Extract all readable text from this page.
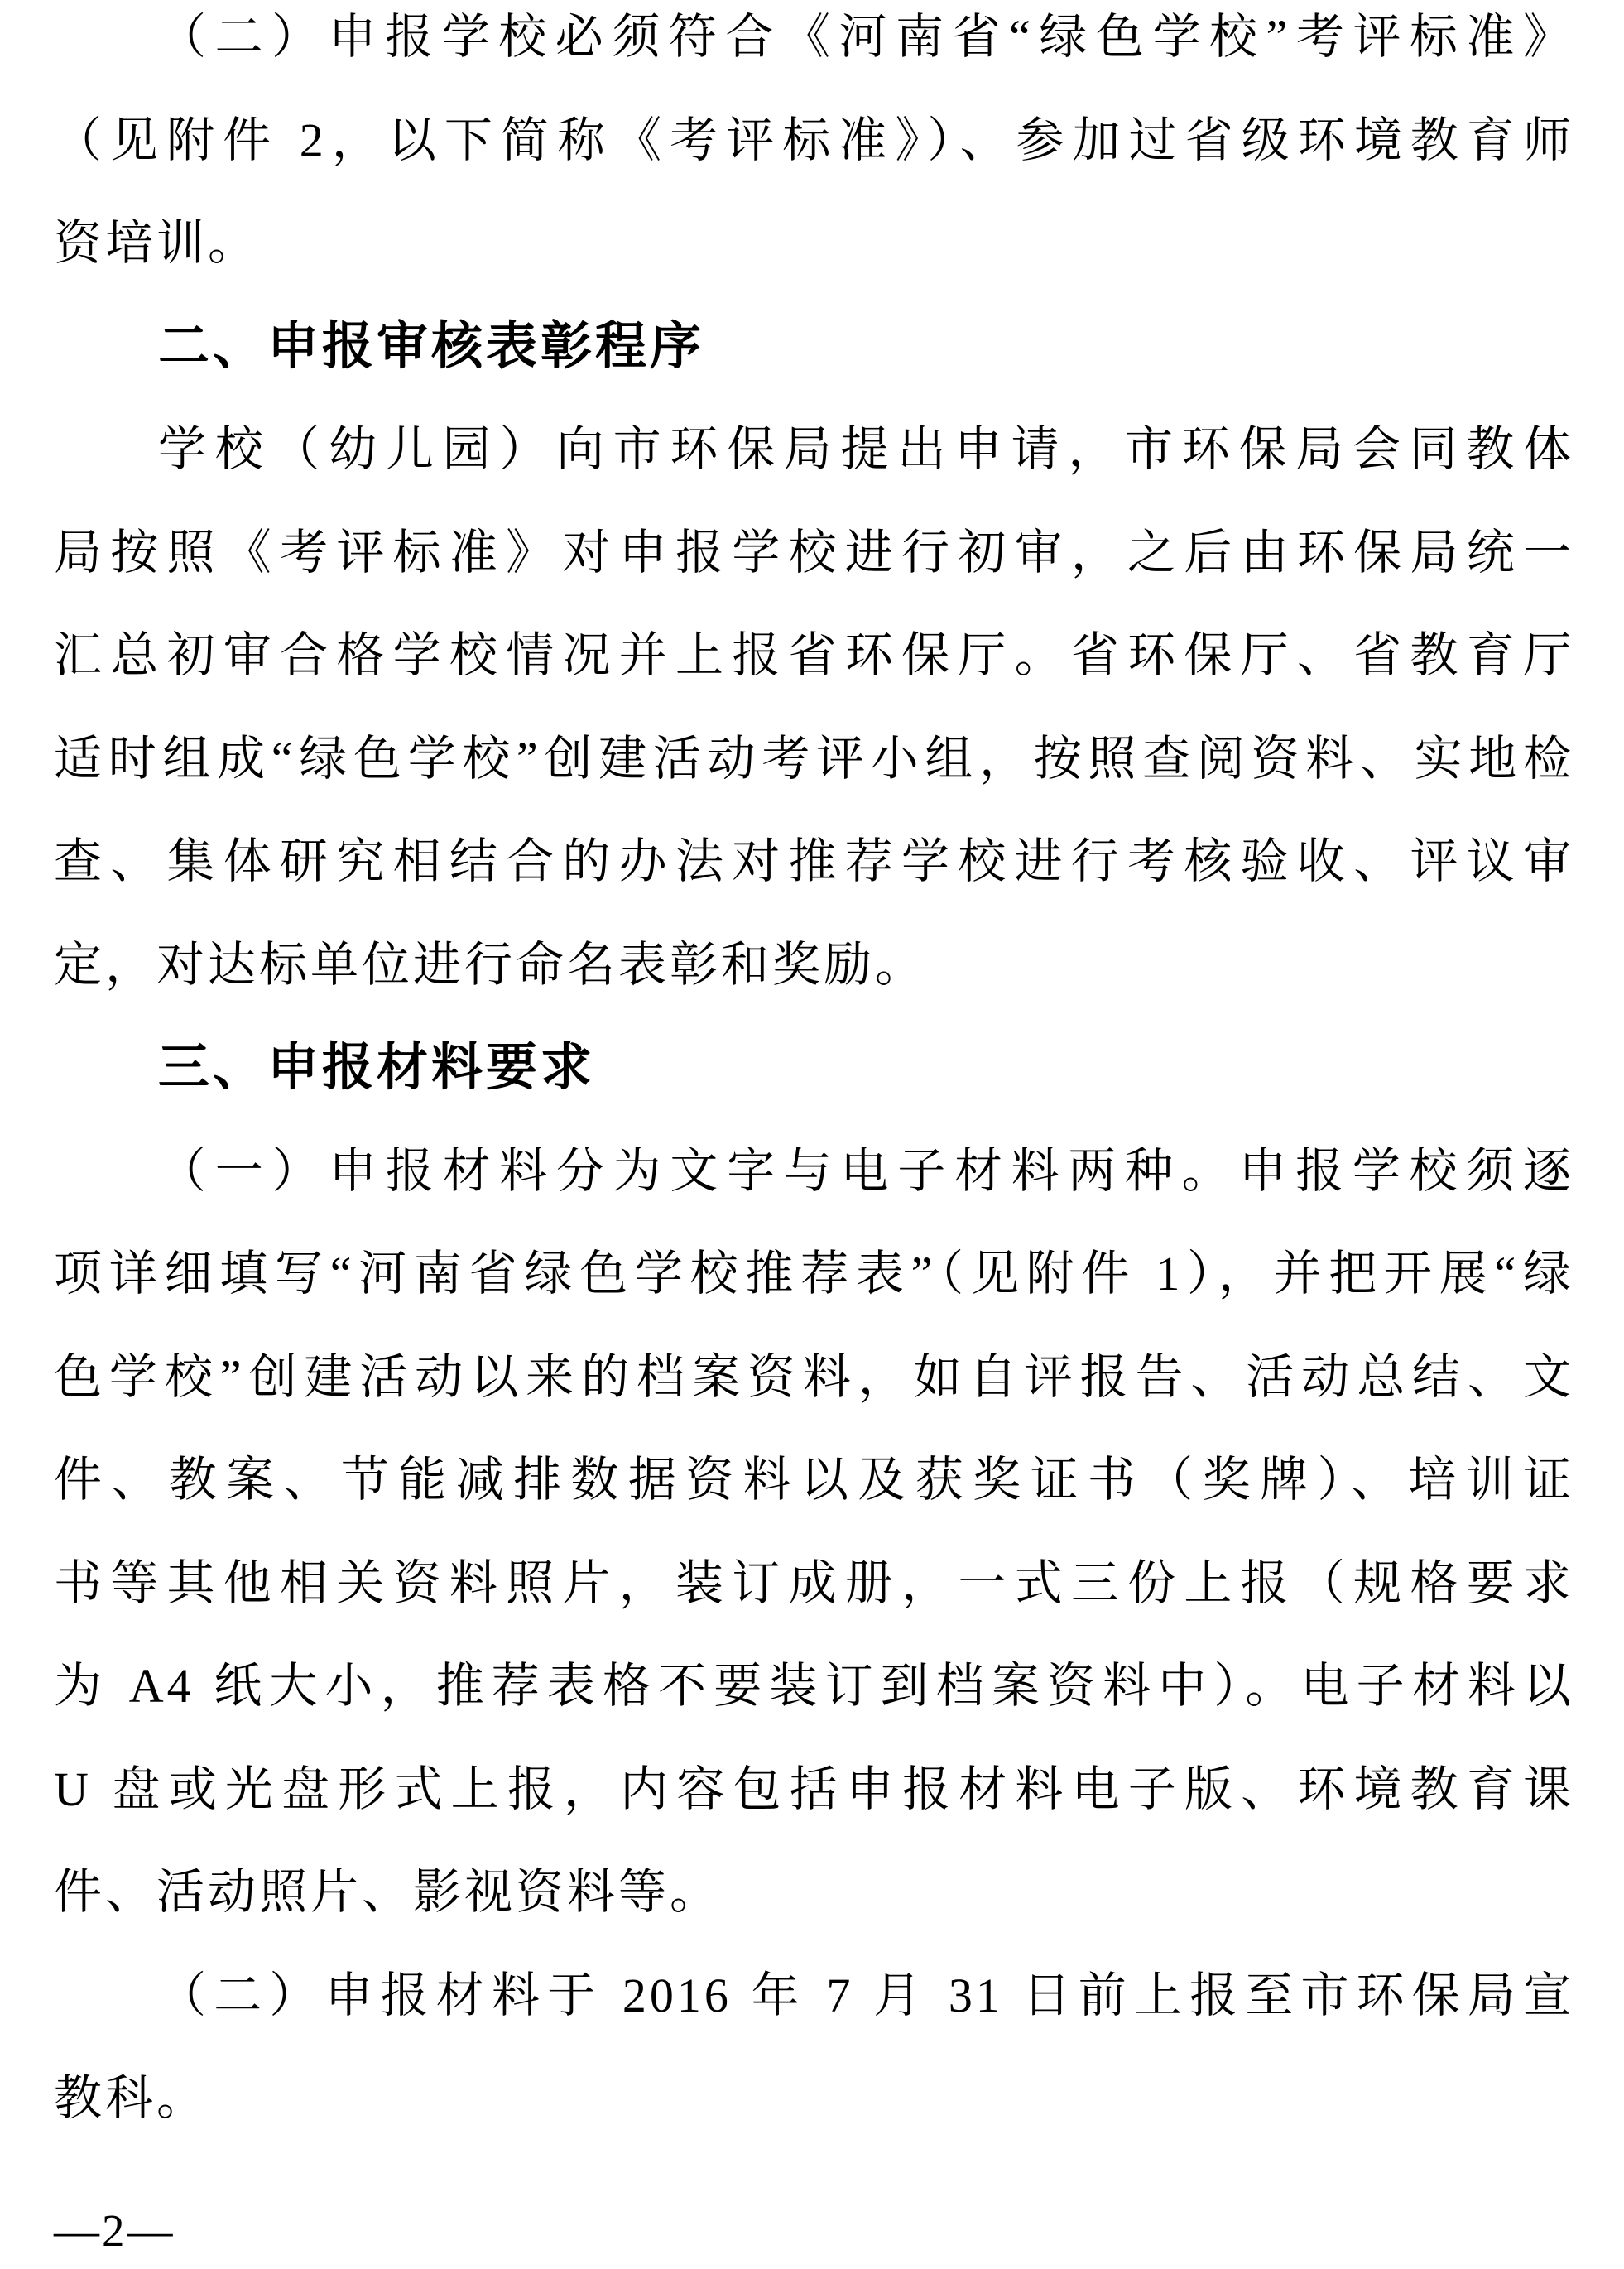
（二）申报学校必须符合《河南省“绿色学校”考评标准》
（见附件 2，以下简称《考评标准》）、参加过省级环境教育师
资培训。
二、申报审核表彰程序
学校（幼儿园）向市环保局提出申请，市环保局会同教体
局按照《考评标准》对申报学校进行初审，之后由环保局统一
汇总初审合格学校情况并上报省环保厅。省环保厅、省教育厅
适时组成“绿色学校”创建活动考评小组，按照查阅资料、实地检
查、集体研究相结合的办法对推荐学校进行考核验收、评议审
定，对达标单位进行命名表彰和奖励。
三、申报材料要求
（一）申报材料分为文字与电子材料两种。申报学校须逐
项详细填写“河南省绿色学校推荐表”（见附件 1），并把开展“绿
色学校”创建活动以来的档案资料，如自评报告、活动总结、文
件、教案、节能减排数据资料以及获奖证书（奖牌）、培训证
书等其他相关资料照片，装订成册，一式三份上报（规格要求
为 A4 纸大小，推荐表格不要装订到档案资料中）。电子材料以
U 盘或光盘形式上报，内容包括申报材料电子版、环境教育课
件、活动照片、影视资料等。
（二）申报材料于 2016 年 7 月 31 日前上报至市环保局宣
教科。
—2—
